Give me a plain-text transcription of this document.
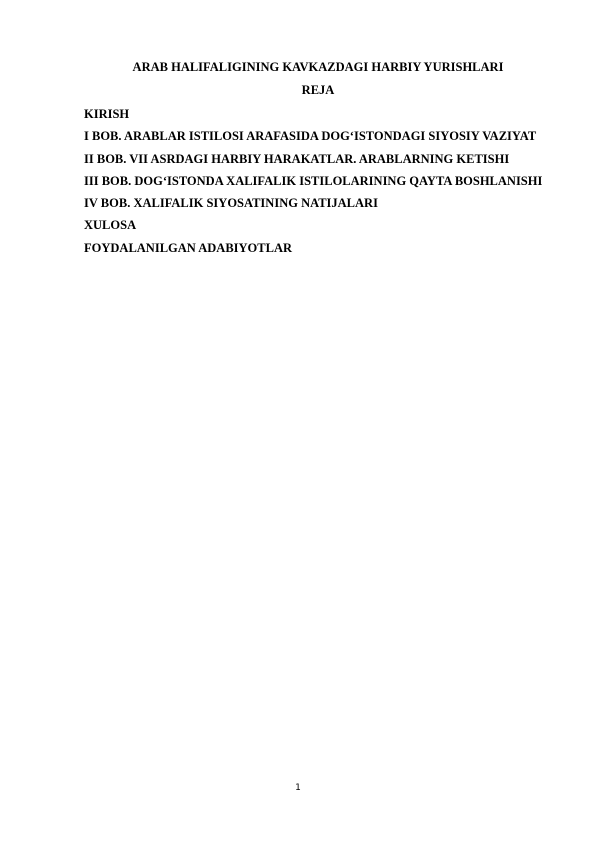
ARAB HALIFALIGINING KAVKAZDAGI HARBIY YURISHLARI
REJA
KIRISH
I BOB. ARABLAR ISTILOSI ARAFASIDA DOG‘ISTONDAGI SIYOSIY VAZIYAT
II BOB. VII ASRDAGI HARBIY HARAKATLAR. ARABLARNING KETISHI
III BOB. DOG‘ISTONDA XALIFALIK ISTILOLARINING QAYTA BOSHLANISHI
IV BOB. XALIFALIK SIYOSATINING NATIJALARI
XULOSA
FOYDALANILGAN ADABIYOTLAR
1
